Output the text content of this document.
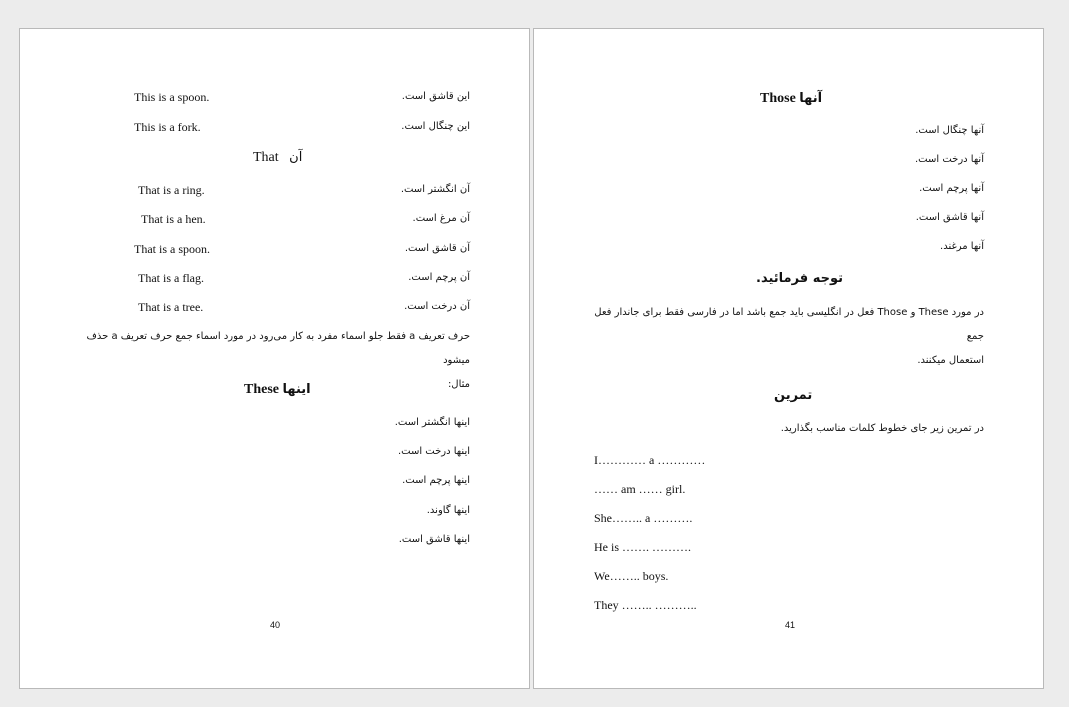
This is a spoon.	این قاشق است.
This is a fork.	این چنگال است.
That آن
That is a ring.	آن انگشتر است.
That is a hen.	آن مرغ است.
That is a spoon.	آن قاشق است.
That is a flag.	آن پرچم است.
That is a tree.	آن درخت است.
حرف تعریف a فقط جلو اسماء مفرد به کار می‌رود در مورد اسماء جمع حرف تعریف a حذف میشود
مثال:
These اینها
اینها انگشتر است.
اینها درخت است.
اینها پرچم است.
اینها گاوند.
اینها قاشق است.
40
Those آنها
آنها چنگال است.
آنها درخت است.
آنها پرچم است.
آنها قاشق است.
آنها مرغند.
توجه فرمائید.
در مورد These و Those فعل در انگلیسی باید جمع باشد اما در فارسی فقط برای جاندار فعل جمع
استعمال میکنند.
تمرین
در تمرین زیر جای خطوط کلمات مناسب بگذارید.
I………… a …………
…… am …… girl.
She…….. a ……….
He is ……. ……….
We…….. boys.
They …….. ………..
41
